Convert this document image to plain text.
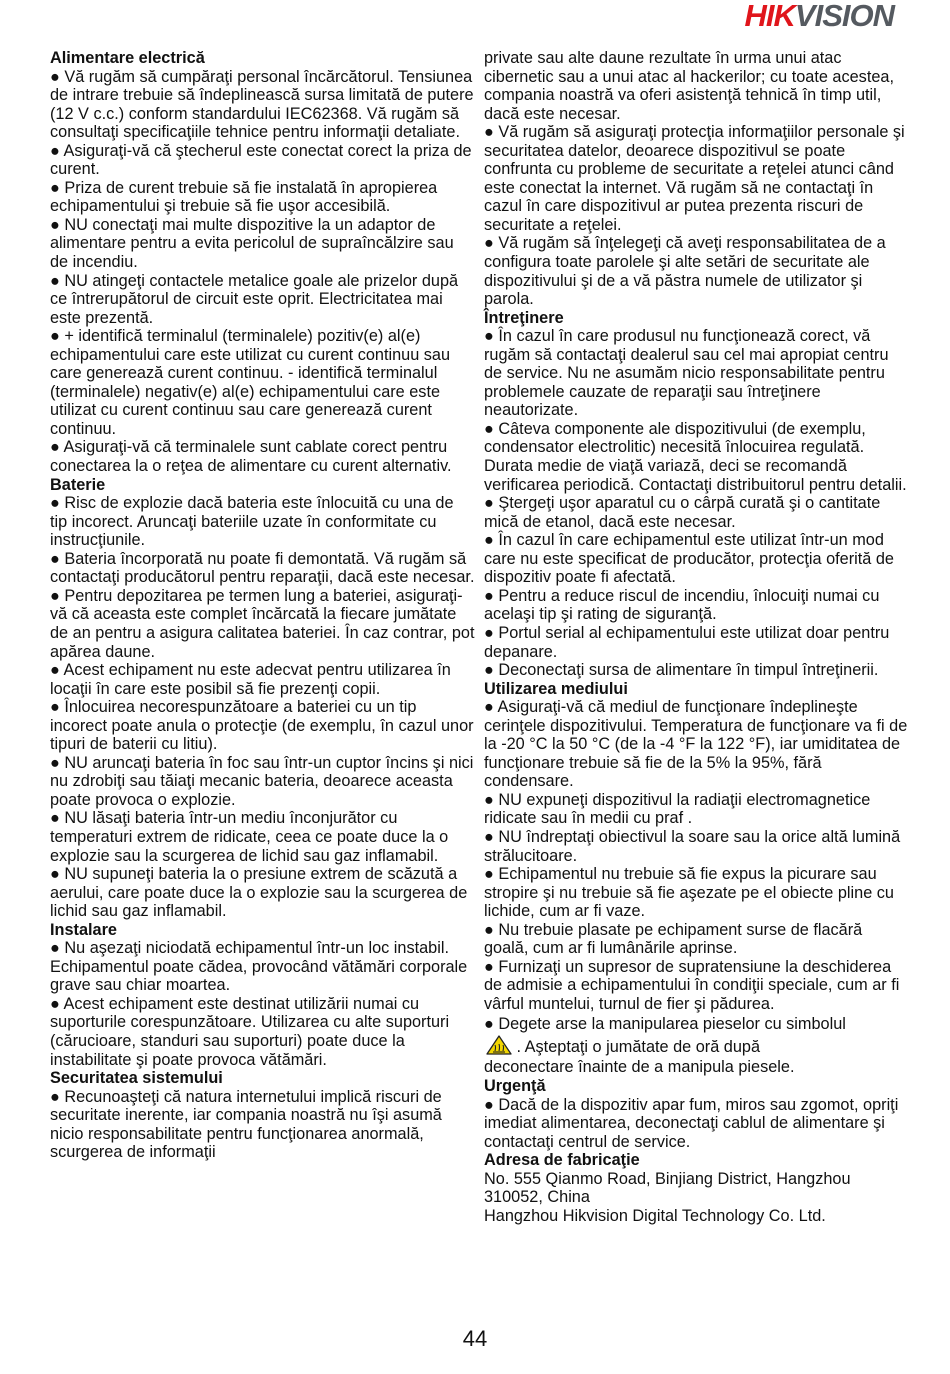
HIKVISION
Alimentare electrică

● Vă rugăm să cumpăraţi personal încărcătorul. Tensiunea de intrare trebuie să îndeplinească sursa limitată de putere (12 V c.c.) conform standardului IEC62368. Vă rugăm să consultaţi specificaţiile tehnice pentru informaţii detaliate.

● Asiguraţi-vă că ştecherul este conectat corect la priza de curent.

● Priza de curent trebuie să fie instalată în apropierea echipamentului şi trebuie să fie uşor accesibilă.

● NU conectaţi mai multe dispozitive la un adaptor de alimentare pentru a evita pericolul de supraîncălzire sau de incendiu.

● NU atingeţi contactele metalice goale ale prizelor după ce întrerupătorul de circuit este oprit. Electricitatea mai este prezentă.

● + identifică terminalul (terminalele) pozitiv(e) al(e) echipamentului care este utilizat cu curent continuu sau care generează curent continuu. - identifică terminalul (terminalele) negativ(e) al(e) echipamentului care este utilizat cu curent continuu sau care generează curent continuu.

● Asiguraţi-vă că terminalele sunt cablate corect pentru conectarea la o reţea de alimentare cu curent alternativ.

Baterie

● Risc de explozie dacă bateria este înlocuită cu una de tip incorect. Aruncaţi bateriile uzate în conformitate cu instrucţiunile.

● Bateria încorporată nu poate fi demontată. Vă rugăm să contactaţi producătorul pentru reparaţii, dacă este necesar.

● Pentru depozitarea pe termen lung a bateriei, asiguraţi-vă că aceasta este complet încărcată la fiecare jumătate de an pentru a asigura calitatea bateriei. În caz contrar, pot apărea daune.

● Acest echipament nu este adecvat pentru utilizarea în locaţii în care este posibil să fie prezenţi copii.

● Înlocuirea necorespunzătoare a bateriei cu un tip incorect poate anula o protecţie (de exemplu, în cazul unor tipuri de baterii cu litiu).

● NU aruncaţi bateria în foc sau într-un cuptor încins şi nici nu zdrobiţi sau tăiaţi mecanic bateria, deoarece aceasta poate provoca o explozie.

● NU lăsaţi bateria într-un mediu înconjurător cu temperaturi extrem de ridicate, ceea ce poate duce la o explozie sau la scurgerea de lichid sau gaz inflamabil.

● NU supuneţi bateria la o presiune extrem de scăzută a aerului, care poate duce la o explozie sau la scurgerea de lichid sau gaz inflamabil.

Instalare

● Nu aşezaţi niciodată echipamentul într-un loc instabil. Echipamentul poate cădea, provocând vătămări corporale grave sau chiar moartea.

● Acest echipament este destinat utilizării numai cu suporturile corespunzătoare. Utilizarea cu alte suporturi (cărucioare, standuri sau suporturi) poate duce la instabilitate şi poate provoca vătămări.

Securitatea sistemului

● Recunoaşteţi că natura internetului implică riscuri de securitate inerente, iar compania noastră nu îşi asumă nicio responsabilitate pentru funcţionarea anormală, scurgerea de informaţii

private sau alte daune rezultate în urma unui atac cibernetic sau a unui atac al hackerilor; cu toate acestea, compania noastră va oferi asistenţă tehnică în timp util, dacă este necesar.

● Vă rugăm să asiguraţi protecţia informaţiilor personale şi securitatea datelor, deoarece dispozitivul se poate confrunta cu probleme de securitate a reţelei atunci când este conectat la internet. Vă rugăm să ne contactaţi în cazul în care dispozitivul ar putea prezenta riscuri de securitate a reţelei.

● Vă rugăm să înţelegeţi că aveţi responsabilitatea de a configura toate parolele şi alte setări de securitate ale dispozitivului şi de a vă păstra numele de utilizator şi parola.

Întreţinere

● În cazul în care produsul nu funcţionează corect, vă rugăm să contactaţi dealerul sau cel mai apropiat centru de service. Nu ne asumăm nicio responsabilitate pentru problemele cauzate de reparaţii sau întreţinere neautorizate.

● Câteva componente ale dispozitivului (de exemplu, condensator electrolitic) necesită înlocuirea regulată. Durata medie de viaţă variază, deci se recomandă verificarea periodică. Contactaţi distribuitorul pentru detalii.

● Ştergeţi uşor aparatul cu o cârpă curată şi o cantitate mică de etanol, dacă este necesar.

● În cazul în care echipamentul este utilizat într-un mod care nu este specificat de producător, protecţia oferită de dispozitiv poate fi afectată.

● Pentru a reduce riscul de incendiu, înlocuiţi numai cu acelaşi tip şi rating de siguranţă.

● Portul serial al echipamentului este utilizat doar pentru depanare.

● Deconectaţi sursa de alimentare în timpul întreţinerii.

Utilizarea mediului

● Asiguraţi-vă că mediul de funcţionare îndeplineşte cerinţele dispozitivului. Temperatura de funcţionare va fi de la -20 °C la 50 °C (de la -4 °F la 122 °F), iar umiditatea de funcţionare trebuie să fie de la 5% la 95%, fără condensare.

● NU expuneţi dispozitivul la radiaţii electromagnetice ridicate sau în medii cu praf .

● NU îndreptaţi obiectivul la soare sau la orice altă lumină strălucitoare.

● Echipamentul nu trebuie să fie expus la picurare sau stropire şi nu trebuie să fie aşezate pe el obiecte pline cu lichide, cum ar fi vaze.

● Nu trebuie plasate pe echipament surse de flacără goală, cum ar fi lumânările aprinse.

● Furnizaţi un supresor de supratensiune la deschiderea de admisie a echipamentului în condiţii speciale, cum ar fi vârful muntelui, turnul de fier şi pădurea.

● Degete arse la manipularea pieselor cu simbolul
. Aşteptaţi o jumătate de oră după

deconectare înainte de a manipula piesele.

Urgenţă

● Dacă de la dispozitiv apar fum, miros sau zgomot, opriţi imediat alimentarea, deconectaţi cablul de alimentare şi contactaţi centrul de service.

Adresa de fabricaţie

No. 555 Qianmo Road, Binjiang District, Hangzhou 310052, China

Hangzhou Hikvision Digital Technology Co. Ltd.

44
